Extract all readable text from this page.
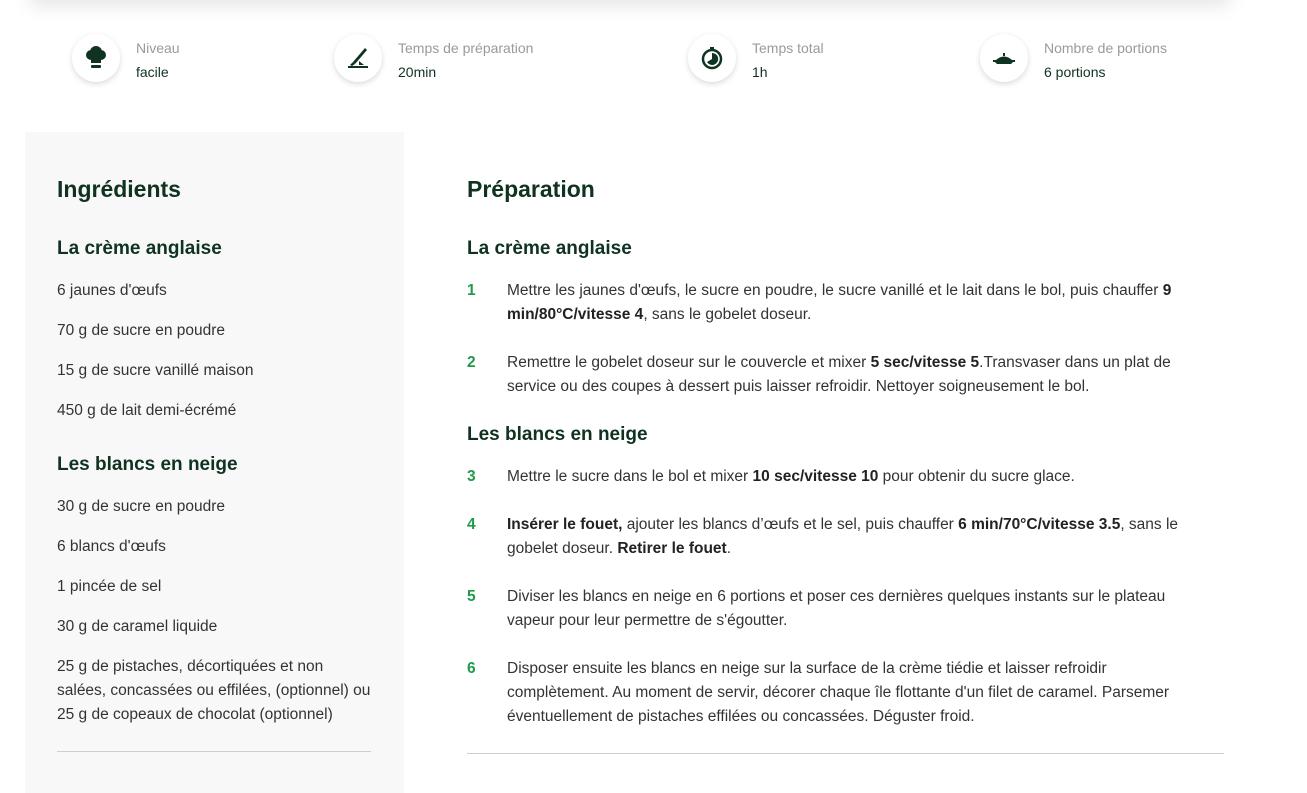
Niveau
facile
Temps de préparation
20min
Temps total
1h
Nombre de portions
6 portions
Ingrédients
La crème anglaise
6 jaunes d'œufs
70 g de sucre en poudre
15 g de sucre vanillé maison
450 g de lait demi-écrémé
Les blancs en neige
30 g de sucre en poudre
6 blancs d'œufs
1 pincée de sel
30 g de caramel liquide
25 g de pistaches, décortiquées et non salées, concassées ou effilées, (optionnel) ou 25 g de copeaux de chocolat (optionnel)
Préparation
La crème anglaise
1	Mettre les jaunes d'œufs, le sucre en poudre, le sucre vanillé et le lait dans le bol, puis chauffer 9 min/80°C/vitesse 4, sans le gobelet doseur.

2	Remettre le gobelet doseur sur le couvercle et mixer 5 sec/vitesse 5.Transvaser dans un plat de service ou des coupes à dessert puis laisser refroidir. Nettoyer soigneusement le bol.

Les blancs en neige
3	Mettre le sucre dans le bol et mixer 10 sec/vitesse 10 pour obtenir du sucre glace.

4	Insérer le fouet, ajouter les blancs d’œufs et le sel, puis chauffer 6 min/70°C/vitesse 3.5, sans le gobelet doseur. Retirer le fouet.

5	Diviser les blancs en neige en 6 portions et poser ces dernières quelques instants sur le plateau vapeur pour leur permettre de s'égoutter.

6	Disposer ensuite les blancs en neige sur la surface de la crème tiédie et laisser refroidir complètement. Au moment de servir, décorer chaque île flottante d'un filet de caramel. Parsemer éventuellement de pistaches effilées ou concassées. Déguster froid.
